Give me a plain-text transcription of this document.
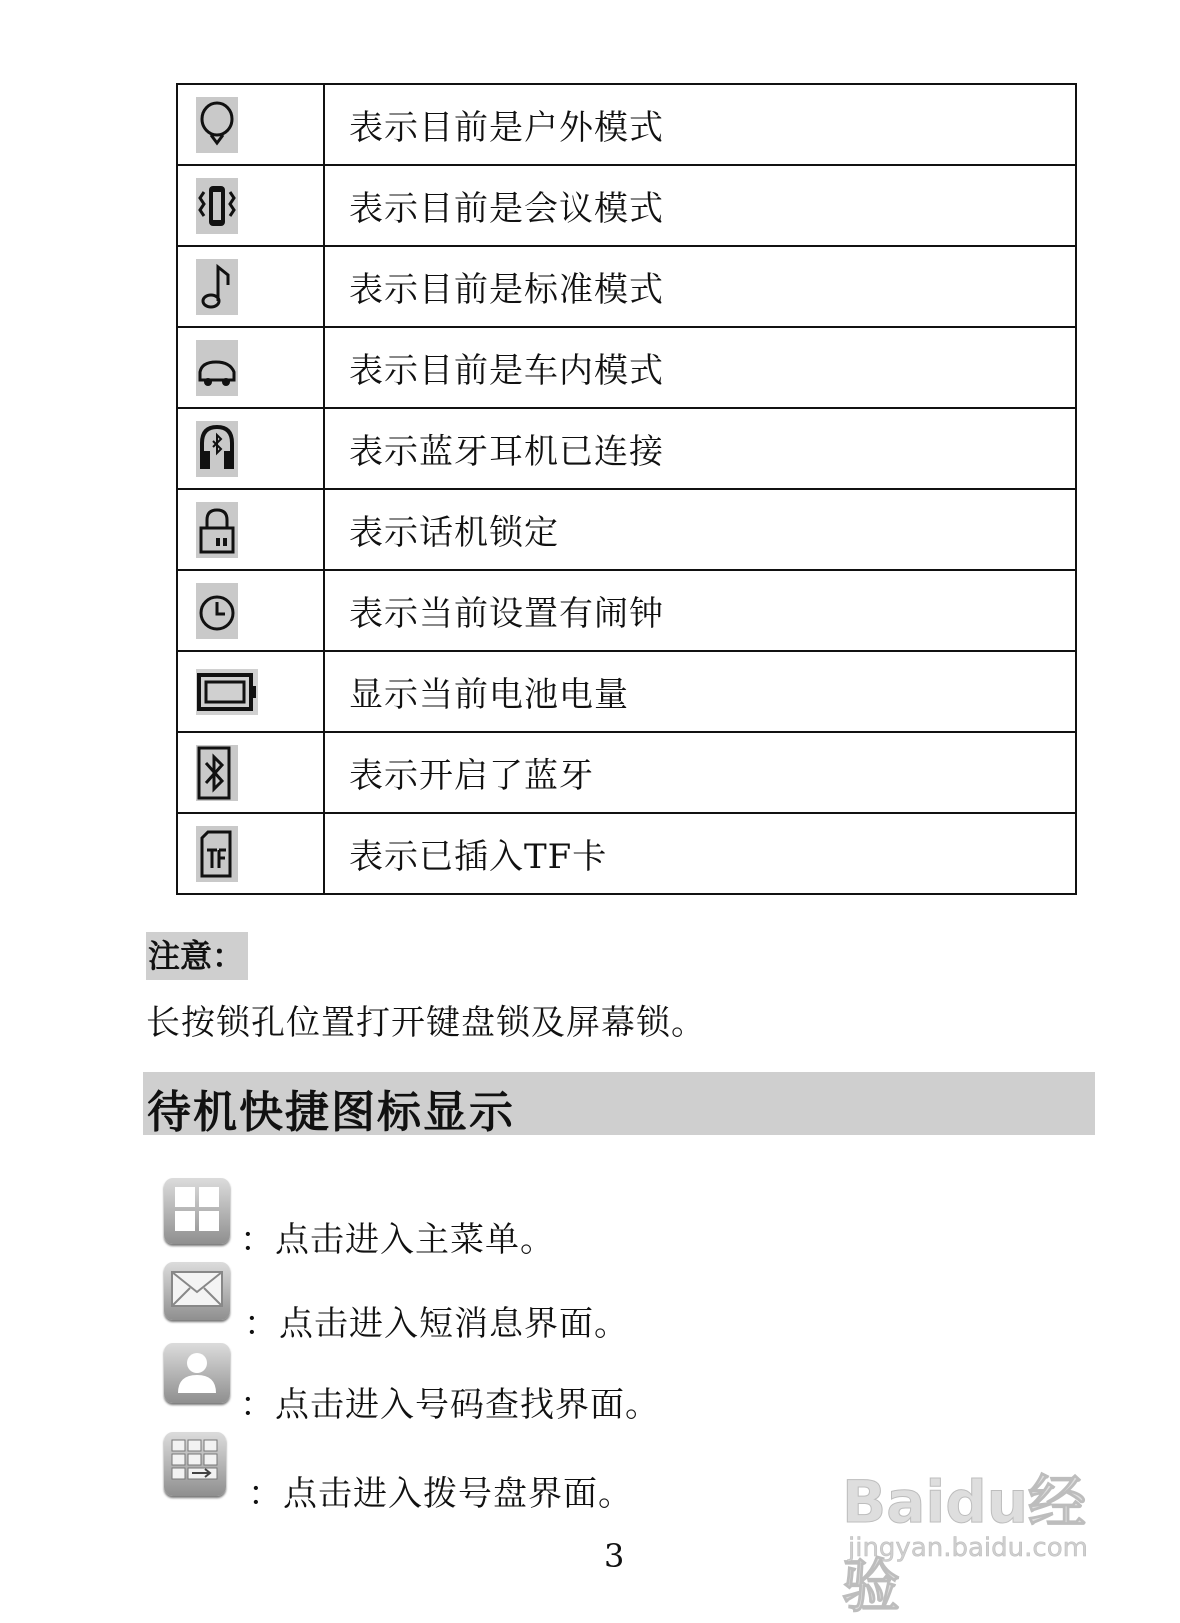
	表示目前是户外模式

	表示目前是会议模式

	表示目前是标准模式

	表示目前是车内模式

	表示蓝牙耳机已连接

	表示话机锁定

	表示当前设置有闹钟

	显示当前电池电量

	表示开启了蓝牙

	表示已插入TF卡
注意：
长按锁孔位置打开键盘锁及屏幕锁。
待机快捷图标显示
：点击进入主菜单。
：点击进入短消息界面。
：点击进入号码查找界面。
：点击进入拨号盘界面。
3
Baidu经验
jingyan.baidu.com
